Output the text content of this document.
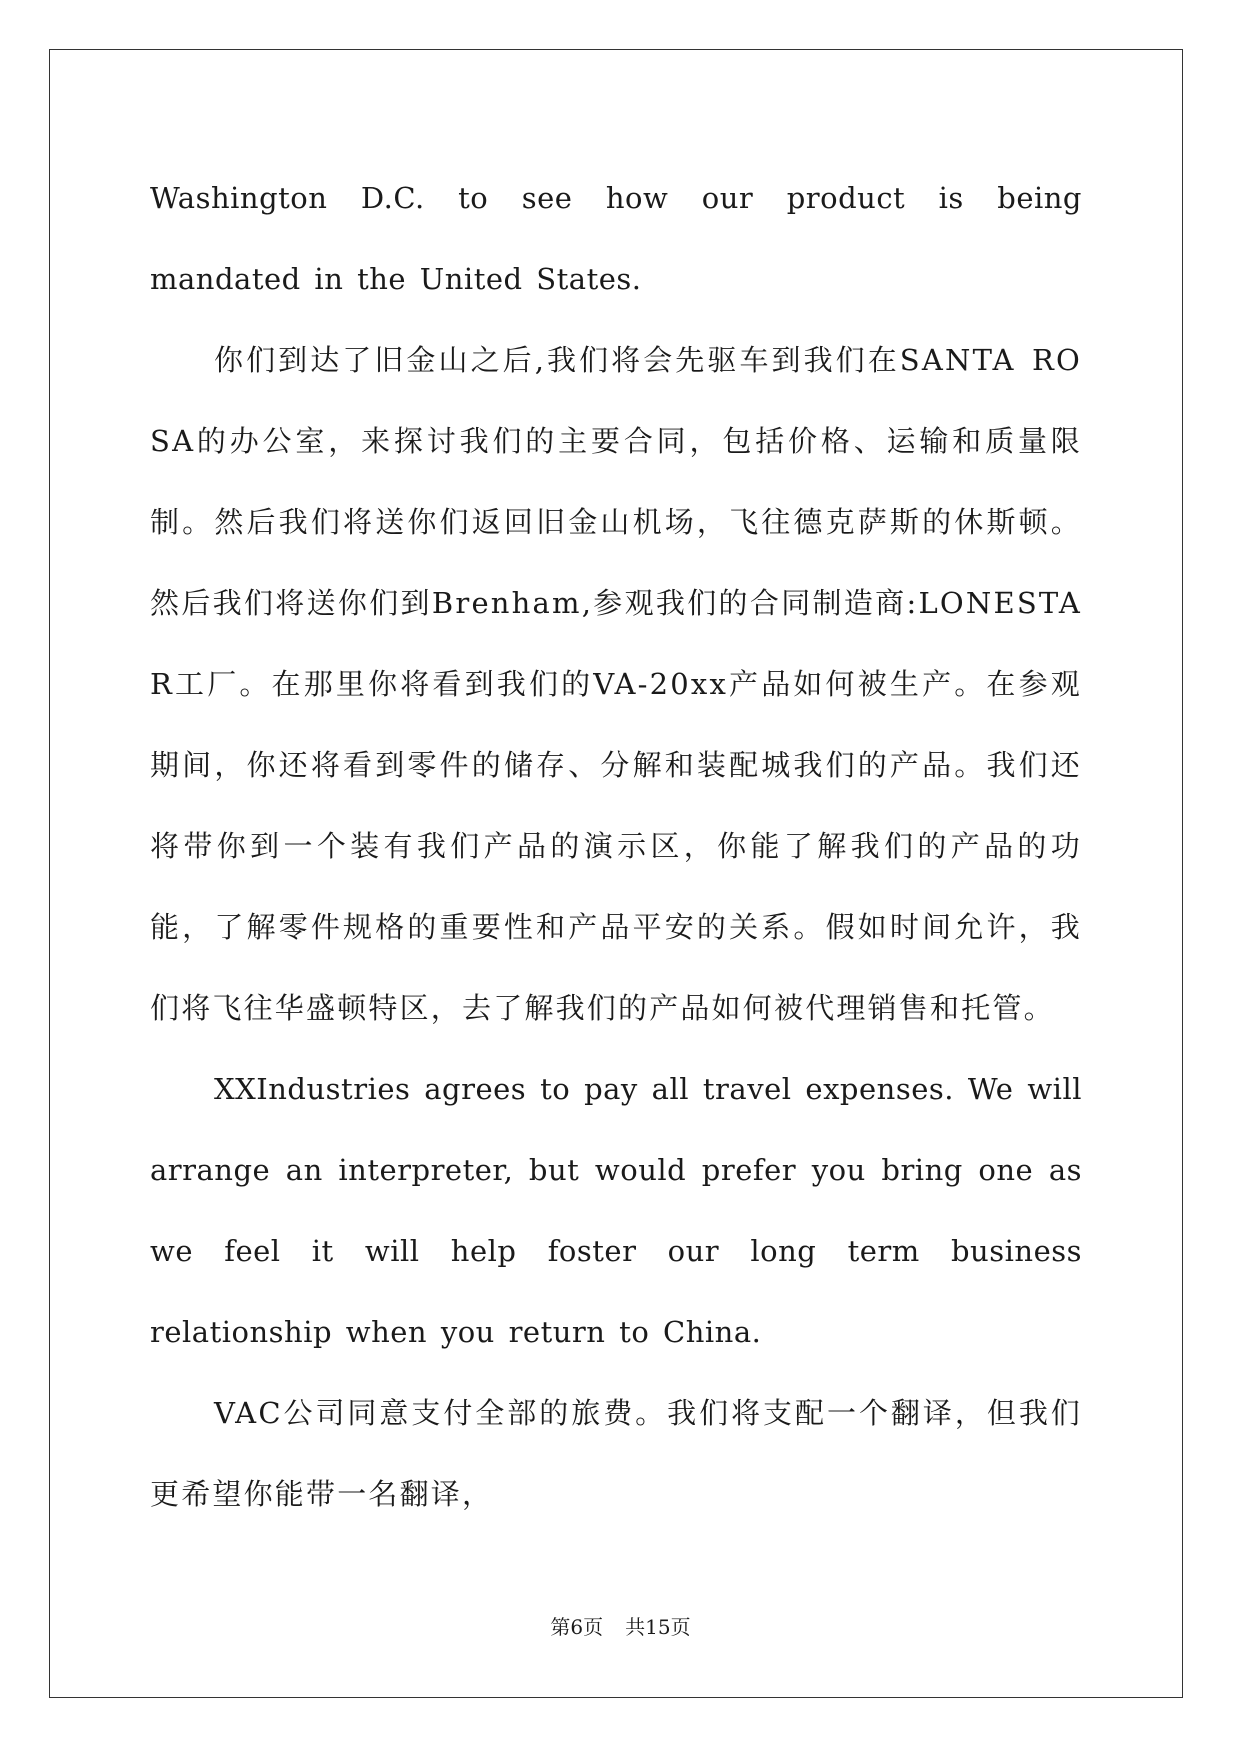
Washington D.C. to see how our product is being mandated in the United States.

你们到达了旧金山之后,我们将会先驱车到我们在SANTA ROSA的办公室，来探讨我们的主要合同，包括价格、运输和质量限制。然后我们将送你们返回旧金山机场，飞往德克萨斯的休斯顿。然后我们将送你们到Brenham,参观我们的合同制造商:LONESTAR工厂。在那里你将看到我们的VA-20xx产品如何被生产。在参观期间，你还将看到零件的储存、分解和装配城我们的产品。我们还将带你到一个装有我们产品的演示区，你能了解我们的产品的功能，了解零件规格的重要性和产品平安的关系。假如时间允许，我们将飞往华盛顿特区，去了解我们的产品如何被代理销售和托管。

XXIndustries agrees to pay all travel expenses. We will arrange an interpreter, but would prefer you bring one as we feel it will help foster our long term business relationship when you return to China.

VAC公司同意支付全部的旅费。我们将支配一个翻译，但我们更希望你能带一名翻译，

第6页 共15页
